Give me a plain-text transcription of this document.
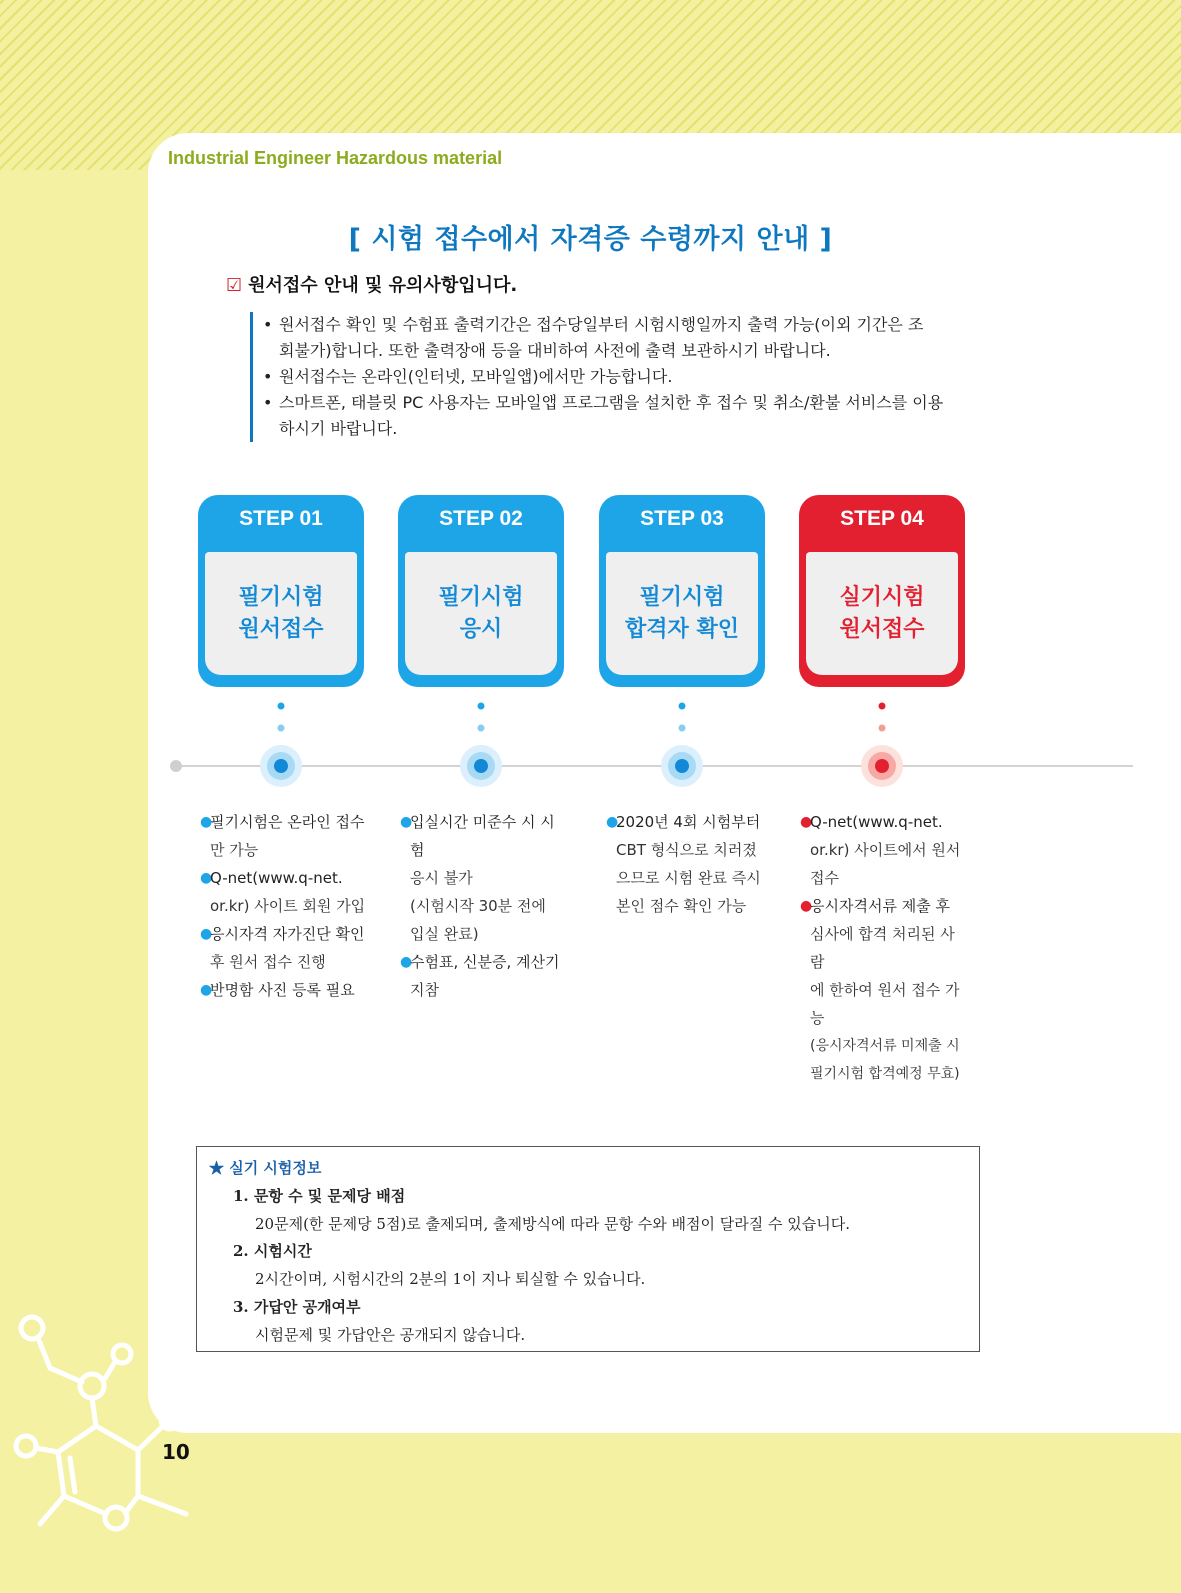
Industrial Engineer Hazardous material
[ 시험 접수에서 자격증 수령까지 안내 ]
☑ 원서접수 안내 및 유의사항입니다.
• 원서접수 확인 및 수험표 출력기간은 접수당일부터 시험시행일까지 출력 가능(이외 기간은 조
회불가)합니다. 또한 출력장애 등을 대비하여 사전에 출력 보관하시기 바랍니다.
• 원서접수는 온라인(인터넷, 모바일앱)에서만 가능합니다.
• 스마트폰, 태블릿 PC 사용자는 모바일앱 프로그램을 설치한 후 접수 및 취소/환불 서비스를 이용
하시기 바랍니다.
STEP 01
필기시험
원서접수
STEP 02
필기시험
응시
STEP 03
필기시험
합격자 확인
STEP 04
실기시험
원서접수
●
필기시험은 온라인 접수
만 가능
●
Q-net(www.q-net.
or.kr) 사이트 회원 가입
●
응시자격 자가진단 확인
후 원서 접수 진행
●
반명함 사진 등록 필요
●
입실시간 미준수 시 시험
응시 불가
(시험시작 30분 전에
입실 완료)
●
수험표, 신분증, 계산기
지참
●
2020년 4회 시험부터
CBT 형식으로 치러졌
으므로 시험 완료 즉시
본인 점수 확인 가능
●
Q-net(www.q-net.
or.kr) 사이트에서 원서
접수
●
응시자격서류 제출 후
심사에 합격 처리된 사람
에 한하여 원서 접수 가능
(응시자격서류 미제출 시
필기시험 합격예정 무효)
★ 실기 시험정보
1. 문항 수 및 문제당 배점
20문제(한 문제당 5점)로 출제되며, 출제방식에 따라 문항 수와 배점이 달라질 수 있습니다.
2. 시험시간
2시간이며, 시험시간의 2분의 1이 지나 퇴실할 수 있습니다.
3. 가답안 공개여부
시험문제 및 가답안은 공개되지 않습니다.
10
